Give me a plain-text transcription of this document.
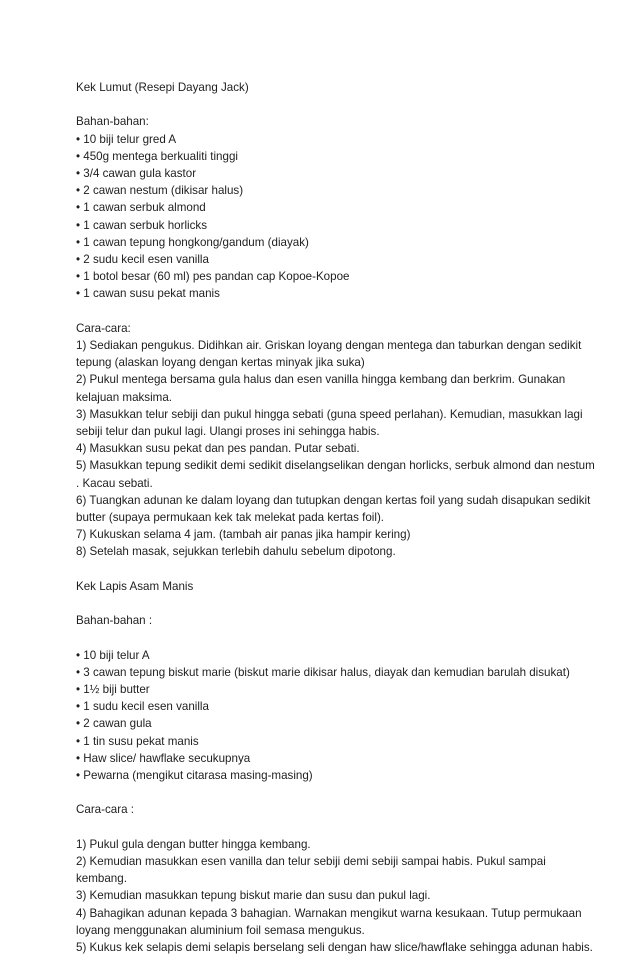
Kek Lumut (Resepi Dayang Jack)

Bahan-bahan:

• 10 biji telur gred A
• 450g mentega berkualiti tinggi
• 3/4 cawan gula kastor
• 2 cawan nestum (dikisar halus)
• 1 cawan serbuk almond
• 1 cawan serbuk horlicks
• 1 cawan tepung hongkong/gandum (diayak)
• 2 sudu kecil esen vanilla
• 1 botol besar (60 ml) pes pandan cap Kopoe-Kopoe
• 1 cawan susu pekat manis

Cara-cara:

1) Sediakan pengukus. Didihkan air. Griskan loyang dengan mentega dan taburkan dengan sedikit
tepung (alaskan loyang dengan kertas minyak jika suka)
2) Pukul mentega bersama gula halus dan esen vanilla hingga kembang dan berkrim. Gunakan
kelajuan maksima.
3) Masukkan telur sebiji dan pukul hingga sebati (guna speed perlahan). Kemudian, masukkan lagi
sebiji telur dan pukul lagi. Ulangi proses ini sehingga habis.
4) Masukkan susu pekat dan pes pandan. Putar sebati.
5) Masukkan tepung sedikit demi sedikit diselangselikan dengan horlicks, serbuk almond dan nestum
. Kacau sebati.
6) Tuangkan adunan ke dalam loyang dan tutupkan dengan kertas foil yang sudah disapukan sedikit
butter (supaya permukaan kek tak melekat pada kertas foil).
7) Kukuskan selama 4 jam. (tambah air panas jika hampir kering)
8) Setelah masak, sejukkan terlebih dahulu sebelum dipotong.

Kek Lapis Asam Manis

Bahan-bahan :

• 10 biji telur A
• 3 cawan tepung biskut marie (biskut marie dikisar halus, diayak dan kemudian barulah disukat)
• 1½ biji butter
• 1 sudu kecil esen vanilla
• 2 cawan gula
• 1 tin susu pekat manis
• Haw slice/ hawflake secukupnya
• Pewarna (mengikut citarasa masing-masing)

Cara-cara :

1) Pukul gula dengan butter hingga kembang.
2) Kemudian masukkan esen vanilla dan telur sebiji demi sebiji sampai habis. Pukul sampai
kembang.
3) Kemudian masukkan tepung biskut marie dan susu dan pukul lagi.
4) Bahagikan adunan kepada 3 bahagian. Warnakan mengikut warna kesukaan. Tutup permukaan
loyang menggunakan aluminium foil semasa mengukus.
5) Kukus kek selapis demi selapis berselang seli dengan haw slice/hawflake sehingga adunan habis.
